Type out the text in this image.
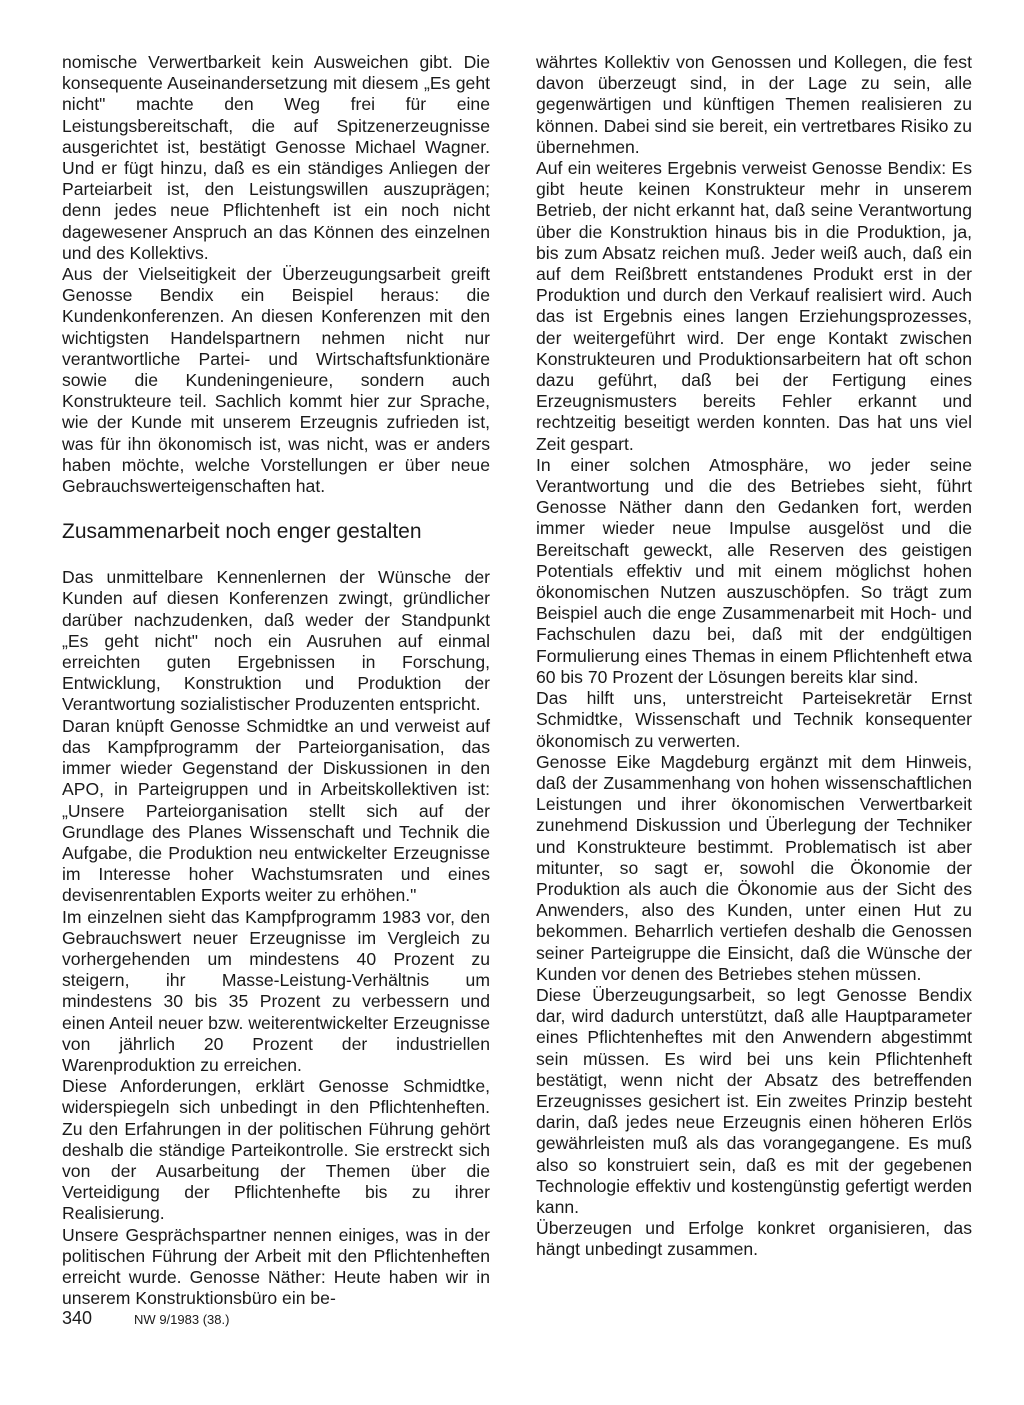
nomische Verwertbarkeit kein Ausweichen gibt. Die konsequente Auseinandersetzung mit diesem „Es geht nicht" machte den Weg frei für eine Leistungsbereitschaft, die auf Spitzenerzeugnisse ausgerichtet ist, bestätigt Genosse Michael Wagner. Und er fügt hinzu, daß es ein ständiges Anliegen der Parteiarbeit ist, den Leistungswillen auszuprägen; denn jedes neue Pflichtenheft ist ein noch nicht dagewesener Anspruch an das Können des einzelnen und des Kollektivs.

Aus der Vielseitigkeit der Überzeugungsarbeit greift Genosse Bendix ein Beispiel heraus: die Kundenkonferenzen. An diesen Konferenzen mit den wichtigsten Handelspartnern nehmen nicht nur verantwortliche Partei- und Wirtschaftsfunktionäre sowie die Kundeningenieure, sondern auch Konstrukteure teil. Sachlich kommt hier zur Sprache, wie der Kunde mit unserem Erzeugnis zufrieden ist, was für ihn ökonomisch ist, was nicht, was er anders haben möchte, welche Vorstellungen er über neue Gebrauchswerteigenschaften hat.

Zusammenarbeit noch enger gestalten

Das unmittelbare Kennenlernen der Wünsche der Kunden auf diesen Konferenzen zwingt, gründlicher darüber nachzudenken, daß weder der Standpunkt „Es geht nicht" noch ein Ausruhen auf einmal erreichten guten Ergebnissen in Forschung, Entwicklung, Konstruktion und Produktion der Verantwortung sozialistischer Produzenten entspricht.

Daran knüpft Genosse Schmidtke an und verweist auf das Kampfprogramm der Parteiorganisation, das immer wieder Gegenstand der Diskussionen in den APO, in Parteigruppen und in Arbeitskollektiven ist: „Unsere Parteiorganisation stellt sich auf der Grundlage des Planes Wissenschaft und Technik die Aufgabe, die Produktion neu entwickelter Erzeugnisse im Interesse hoher Wachstumsraten und eines devisenrentablen Exports weiter zu erhöhen."

Im einzelnen sieht das Kampfprogramm 1983 vor, den Gebrauchswert neuer Erzeugnisse im Vergleich zu vorhergehenden um mindestens 40 Prozent zu steigern, ihr Masse-Leistung-Verhältnis um mindestens 30 bis 35 Prozent zu verbessern und einen Anteil neuer bzw. weiterentwickelter Erzeugnisse von jährlich 20 Prozent der industriellen Warenproduktion zu erreichen.

Diese Anforderungen, erklärt Genosse Schmidtke, widerspiegeln sich unbedingt in den Pflichtenheften. Zu den Erfahrungen in der politischen Führung gehört deshalb die ständige Parteikontrolle. Sie erstreckt sich von der Ausarbeitung der Themen über die Verteidigung der Pflichtenhefte bis zu ihrer Realisierung.

Unsere Gesprächspartner nennen einiges, was in der politischen Führung der Arbeit mit den Pflichtenheften erreicht wurde. Genosse Näther: Heute haben wir in unserem Konstruktionsbüro ein be-

währtes Kollektiv von Genossen und Kollegen, die fest davon überzeugt sind, in der Lage zu sein, alle gegenwärtigen und künftigen Themen realisieren zu können. Dabei sind sie bereit, ein vertretbares Risiko zu übernehmen.

Auf ein weiteres Ergebnis verweist Genosse Bendix: Es gibt heute keinen Konstrukteur mehr in unserem Betrieb, der nicht erkannt hat, daß seine Verantwortung über die Konstruktion hinaus bis in die Produktion, ja, bis zum Absatz reichen muß. Jeder weiß auch, daß ein auf dem Reißbrett entstandenes Produkt erst in der Produktion und durch den Verkauf realisiert wird. Auch das ist Ergebnis eines langen Erziehungsprozesses, der weitergeführt wird. Der enge Kontakt zwischen Konstrukteuren und Produktionsarbeitern hat oft schon dazu geführt, daß bei der Fertigung eines Erzeugnismusters bereits Fehler erkannt und rechtzeitig beseitigt werden konnten. Das hat uns viel Zeit gespart.

In einer solchen Atmosphäre, wo jeder seine Verantwortung und die des Betriebes sieht, führt Genosse Näther dann den Gedanken fort, werden immer wieder neue Impulse ausgelöst und die Bereitschaft geweckt, alle Reserven des geistigen Potentials effektiv und mit einem möglichst hohen ökonomischen Nutzen auszuschöpfen. So trägt zum Beispiel auch die enge Zusammenarbeit mit Hoch- und Fachschulen dazu bei, daß mit der endgültigen Formulierung eines Themas in einem Pflichtenheft etwa 60 bis 70 Prozent der Lösungen bereits klar sind.

Das hilft uns, unterstreicht Parteisekretär Ernst Schmidtke, Wissenschaft und Technik konsequenter ökonomisch zu verwerten.

Genosse Eike Magdeburg ergänzt mit dem Hinweis, daß der Zusammenhang von hohen wissenschaftlichen Leistungen und ihrer ökonomischen Verwertbarkeit zunehmend Diskussion und Überlegung der Techniker und Konstrukteure bestimmt. Problematisch ist aber mitunter, so sagt er, sowohl die Ökonomie der Produktion als auch die Ökonomie aus der Sicht des Anwenders, also des Kunden, unter einen Hut zu bekommen. Beharrlich vertiefen deshalb die Genossen seiner Parteigruppe die Einsicht, daß die Wünsche der Kunden vor denen des Betriebes stehen müssen.

Diese Überzeugungsarbeit, so legt Genosse Bendix dar, wird dadurch unterstützt, daß alle Hauptparameter eines Pflichtenheftes mit den Anwendern abgestimmt sein müssen. Es wird bei uns kein Pflichtenheft bestätigt, wenn nicht der Absatz des betreffenden Erzeugnisses gesichert ist. Ein zweites Prinzip besteht darin, daß jedes neue Erzeugnis einen höheren Erlös gewährleisten muß als das vorangegangene. Es muß also so konstruiert sein, daß es mit der gegebenen Technologie effektiv und kostengünstig gefertigt werden kann.

Überzeugen und Erfolge konkret organisieren, das hängt unbedingt zusammen.

340	NW 9/1983 (38.)
